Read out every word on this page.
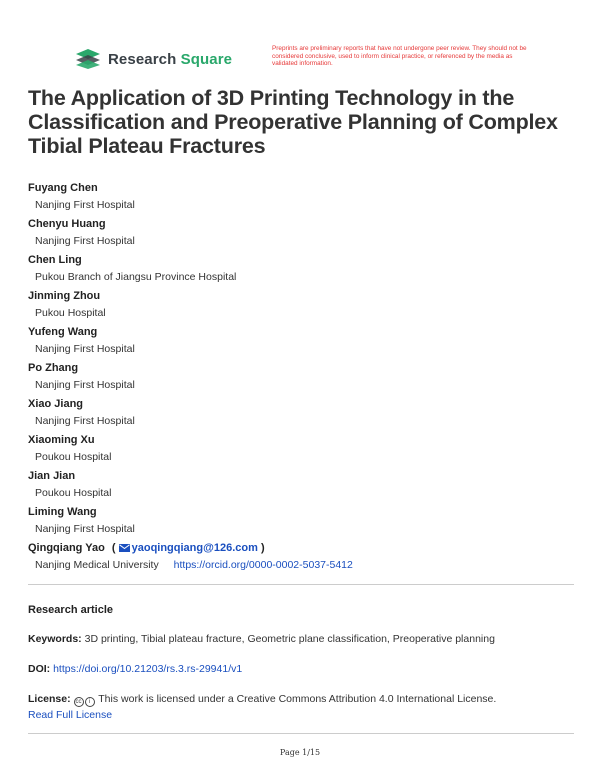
Research Square
Preprints are preliminary reports that have not undergone peer review. They should not be considered conclusive, used to inform clinical practice, or referenced by the media as validated information.
The Application of 3D Printing Technology in the Classification and Preoperative Planning of Complex Tibial Plateau Fractures
Fuyang Chen
Nanjing First Hospital
Chenyu Huang
Nanjing First Hospital
Chen Ling
Pukou Branch of Jiangsu Province Hospital
Jinming Zhou
Pukou Hospital
Yufeng Wang
Nanjing First Hospital
Po Zhang
Nanjing First Hospital
Xiao Jiang
Nanjing First Hospital
Xiaoming Xu
Poukou Hospital
Jian Jian
Poukou Hospital
Liming Wang
Nanjing First Hospital
Qingqiang Yao ( yaoqingqiang@126.com )
Nanjing Medical University https://orcid.org/0000-0002-5037-5412
Research article
Keywords: 3D printing, Tibial plateau fracture, Geometric plane classification, Preoperative planning
DOI: https://doi.org/10.21203/rs.3.rs-29941/v1
License: cc i This work is licensed under a Creative Commons Attribution 4.0 International License.
Read Full License
Page 1/15
